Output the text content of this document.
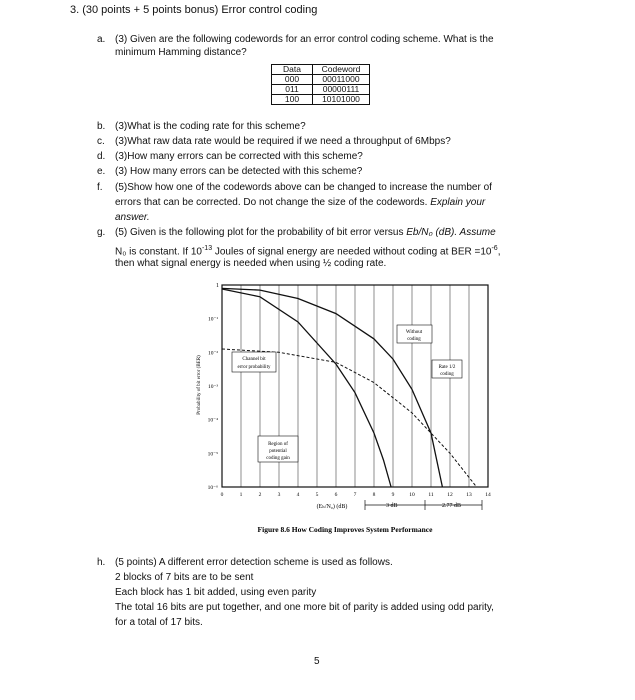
3. (30 points + 5 points bonus) Error control coding
a. (3) Given are the following codewords for an error control coding scheme. What is the
minimum Hamming distance?
Data	Codeword
000	00011000
011	00000111
100	10101000
b. (3)What is the coding rate for this scheme?
c. (3)What raw data rate would be required if we need a throughput of 6Mbps?
d. (3)How many errors can be corrected with this scheme?
e. (3) How many errors can be detected with this scheme?
f. (5)Show how one of the codewords above can be changed to increase the number of
errors that can be corrected. Do not change the size of the codewords. Explain your
answer.
g. (5) Given is the following plot for the probability of bit error versus Eb/N₀ (dB). Assume
N₀ is constant. If $10^{-13}$ Joules of signal energy are needed without coding at BER $=10^{-6}$,
then what signal energy is needed when using ½ coding rate.
0	1	2	3	4	5	6	7	8	9	10 11 12 13 14
10⁻¹
10⁻²
10⁻³
10⁻⁴
10⁻⁵
10⁻⁶
Without
coding
Channel bit
error probability	Rate 1/2
coding
Region of
potential
coding gain
3 dB	2.77 dB
(Eₕ/N₀) (dB)
Probability of bit error (BER)
1
Figure 8.6 How Coding Improves System Performance
h. (5 points) A different error detection scheme is used as follows.
2 blocks of 7 bits are to be sent
Each block has 1 bit added, using even parity
The total 16 bits are put together, and one more bit of parity is added using odd parity,
for a total of 17 bits.
5
